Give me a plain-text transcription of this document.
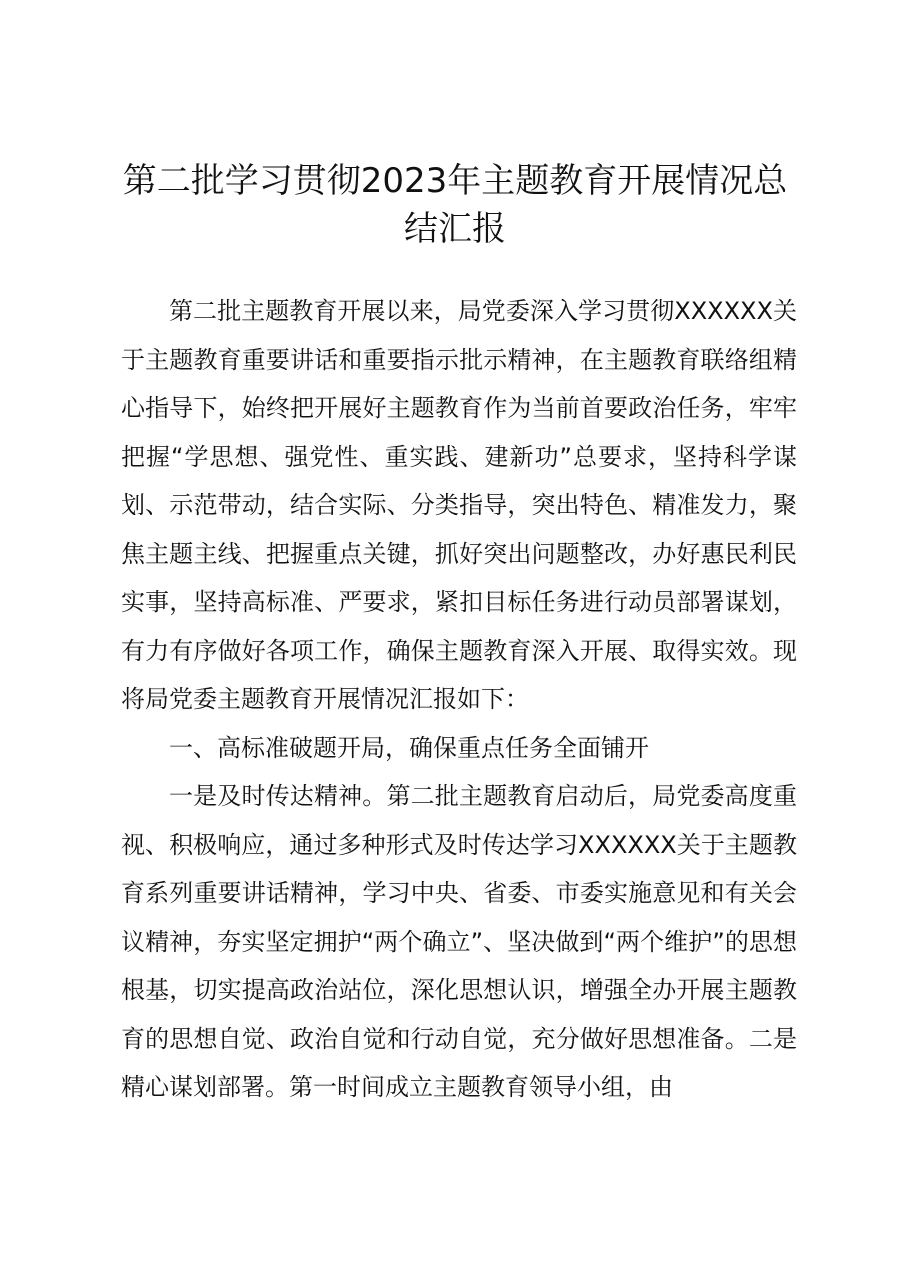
第二批学习贯彻2023年主题教育开展情况总结汇报

第二批主题教育开展以来，局党委深入学习贯彻XXXXXX关于主题教育重要讲话和重要指示批示精神，在主题教育联络组精心指导下，始终把开展好主题教育作为当前首要政治任务，牢牢把握“学思想、强党性、重实践、建新功”总要求，坚持科学谋划、示范带动，结合实际、分类指导，突出特色、精准发力，聚焦主题主线、把握重点关键，抓好突出问题整改，办好惠民利民实事，坚持高标准、严要求，紧扣目标任务进行动员部署谋划，有力有序做好各项工作，确保主题教育深入开展、取得实效。现将局党委主题教育开展情况汇报如下：

一、高标准破题开局，确保重点任务全面铺开

一是及时传达精神。第二批主题教育启动后，局党委高度重视、积极响应，通过多种形式及时传达学习XXXXXX关于主题教育系列重要讲话精神，学习中央、省委、市委实施意见和有关会议精神，夯实坚定拥护“两个确立”、坚决做到“两个维护”的思想根基，切实提高政治站位，深化思想认识，增强全办开展主题教育的思想自觉、政治自觉和行动自觉，充分做好思想准备。二是精心谋划部署。第一时间成立主题教育领导小组，由
